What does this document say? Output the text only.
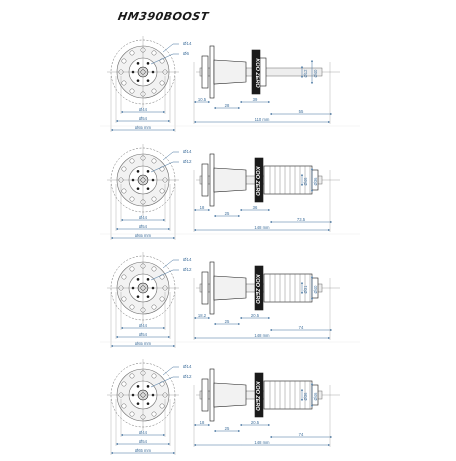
HM390BOOST
Ø14
Ø6
Ø44
Ø54
Ø65 mm
KOO ZERO	Ø12 Ø40
10.5
28
39
55
110 mm
Ø14
Ø12
Ø44
Ø54
Ø65 mm
KOO ZERO	Ø46 Ø36
18
25
36
73.5
148 mm
Ø14
Ø12
Ø44
Ø54
Ø65 mm
KOO ZERO	Ø31 Ø40
18.2
25
20.5
74
148 mm
Ø14
Ø12
Ø44
Ø54
Ø65 mm
KOO ZERO	Ø36 Ø46
18
25
20.5
74
148 mm
